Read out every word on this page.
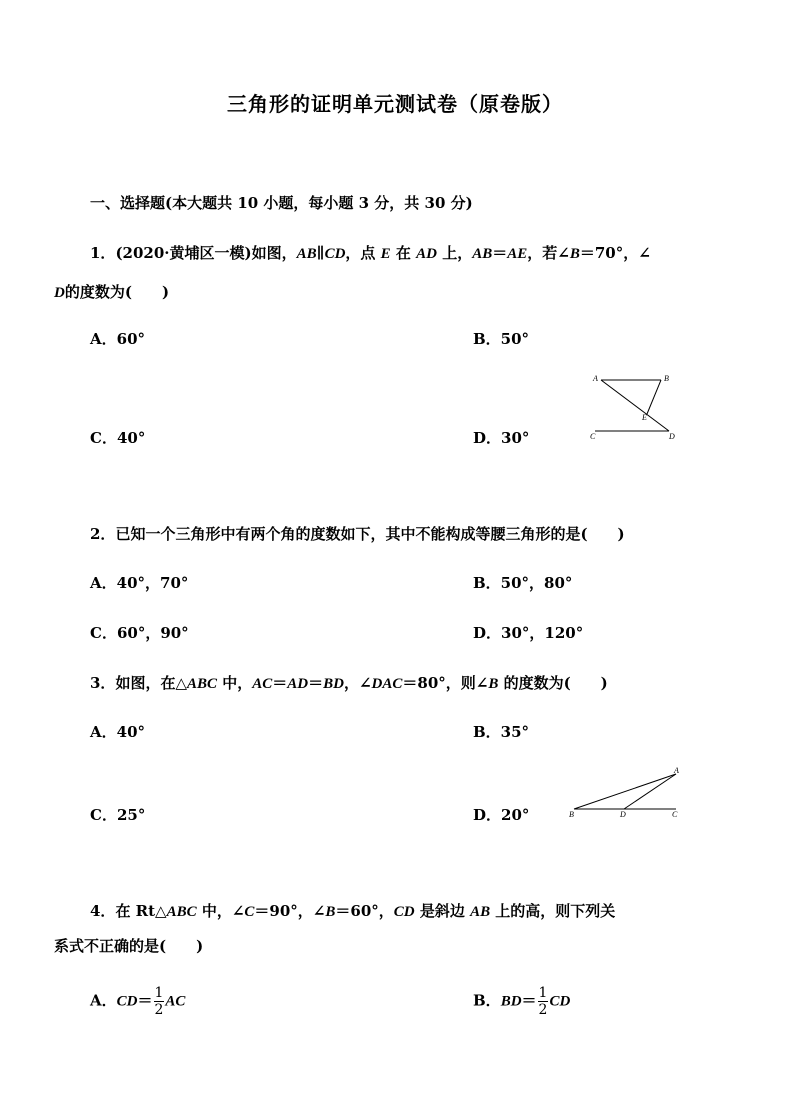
三角形的证明单元测试卷（原卷版）
一、选择题(本大题共 10 小题，每小题 3 分，共 30 分)
1．(2020·黄埔区一模)如图，AB∥CD，点 E 在 AD 上，AB＝AE，若∠B＝70°，∠
D的度数为(　　)
A．60°	B．50°
C．40°	D．30°
A	B
E
C	D
2．已知一个三角形中有两个角的度数如下，其中不能构成等腰三角形的是(　　)
A．40°，70°	B．50°，80°
C．60°，90°	D．30°，120°
3．如图，在△ABC 中，AC＝AD＝BD，∠DAC＝80°，则∠B 的度数为(　　)
A．40°	B．35°
C．25°	D．20°
A
B	D	C
4．在 Rt△ABC 中，∠C＝90°，∠B＝60°，CD 是斜边 AB 上的高，则下列关
系式不正确的是(　　)
A．$CD= \frac{1}{2}$ AC	B．$BD= \frac{1}{2}$ CD
